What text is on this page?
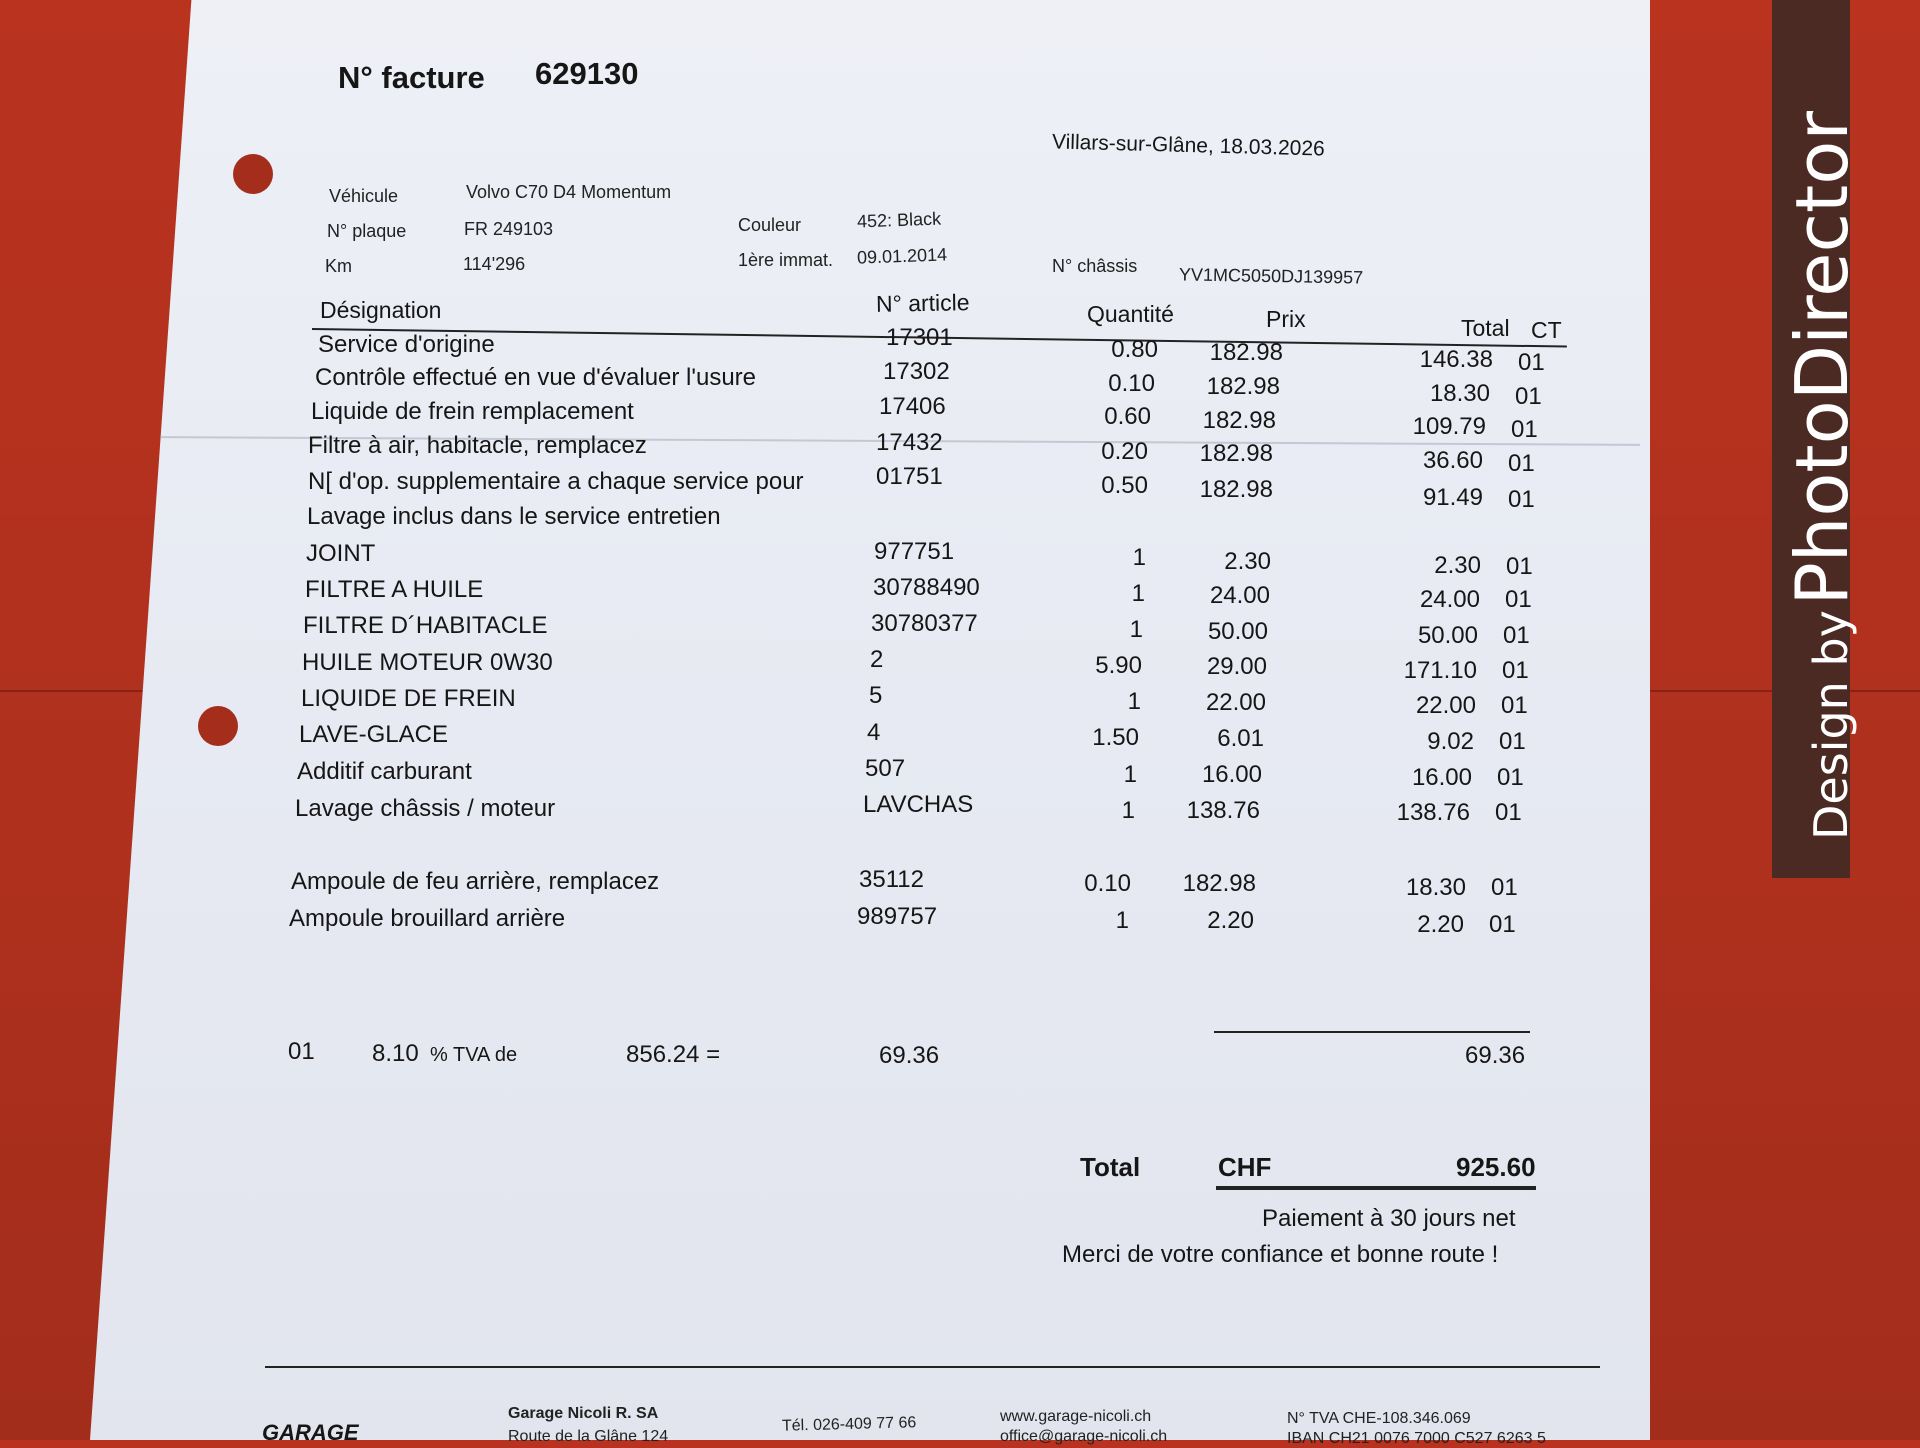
N° facture 629130
Villars-sur-Glâne, 18.03.2026
Véhicule	Volvo C70 D4 Momentum
N° plaque	FR 249103
Km	114'296
Couleur	452: Black
1ère immat. 09.01.2014	N° châssis YV1MC5050DJ139957
Désignation	N° article	Quantité	Prix	Total CT
Service d'origine	17301	0.80	182.98	146.38 01
Contrôle effectué en vue d'évaluer l'usure	17302	0.10	182.98	18.30 01
Liquide de frein remplacement	17406	0.60	182.98	109.79 01
Filtre à air, habitacle, remplacez	17432	0.20	182.98	36.60 01
N[ d'op. supplementaire a chaque service pour	01751	0.50	182.98	91.49 01
Lavage inclus dans le service entretien
JOINT	977751	1	2.30	2.30 01
FILTRE A HUILE	30788490	1	24.00	24.00 01
FILTRE D´HABITACLE	30780377	1	50.00	50.00 01
HUILE MOTEUR 0W30	2	5.90	29.00	171.10 01
LIQUIDE DE FREIN	5	1	22.00	22.00 01
LAVE-GLACE	4	1.50	6.01	9.02 01
Additif carburant	507	1	16.00	16.00 01
Lavage châssis / moteur	LAVCHAS	1	138.76	138.76 01
Ampoule de feu arrière, remplacez	35112	0.10	182.98	18.30 01
Ampoule brouillard arrière	989757	1	2.20	2.20 01
01 8.10 % TVA de	856.24 =	69.36	69.36
Total	CHF	925.60
Paiement à 30 jours net
Merci de votre confiance et bonne route !
GARAGE
Garage Nicoli R. SA
Route de la Glâne 124
Tél. 026-409 77 66	www.garage-nicoli.ch
office@garage-nicoli.ch
N° TVA CHE-108.346.069
IBAN CH21 0076 7000 C527 6263 5
Design by PhotoDirector
